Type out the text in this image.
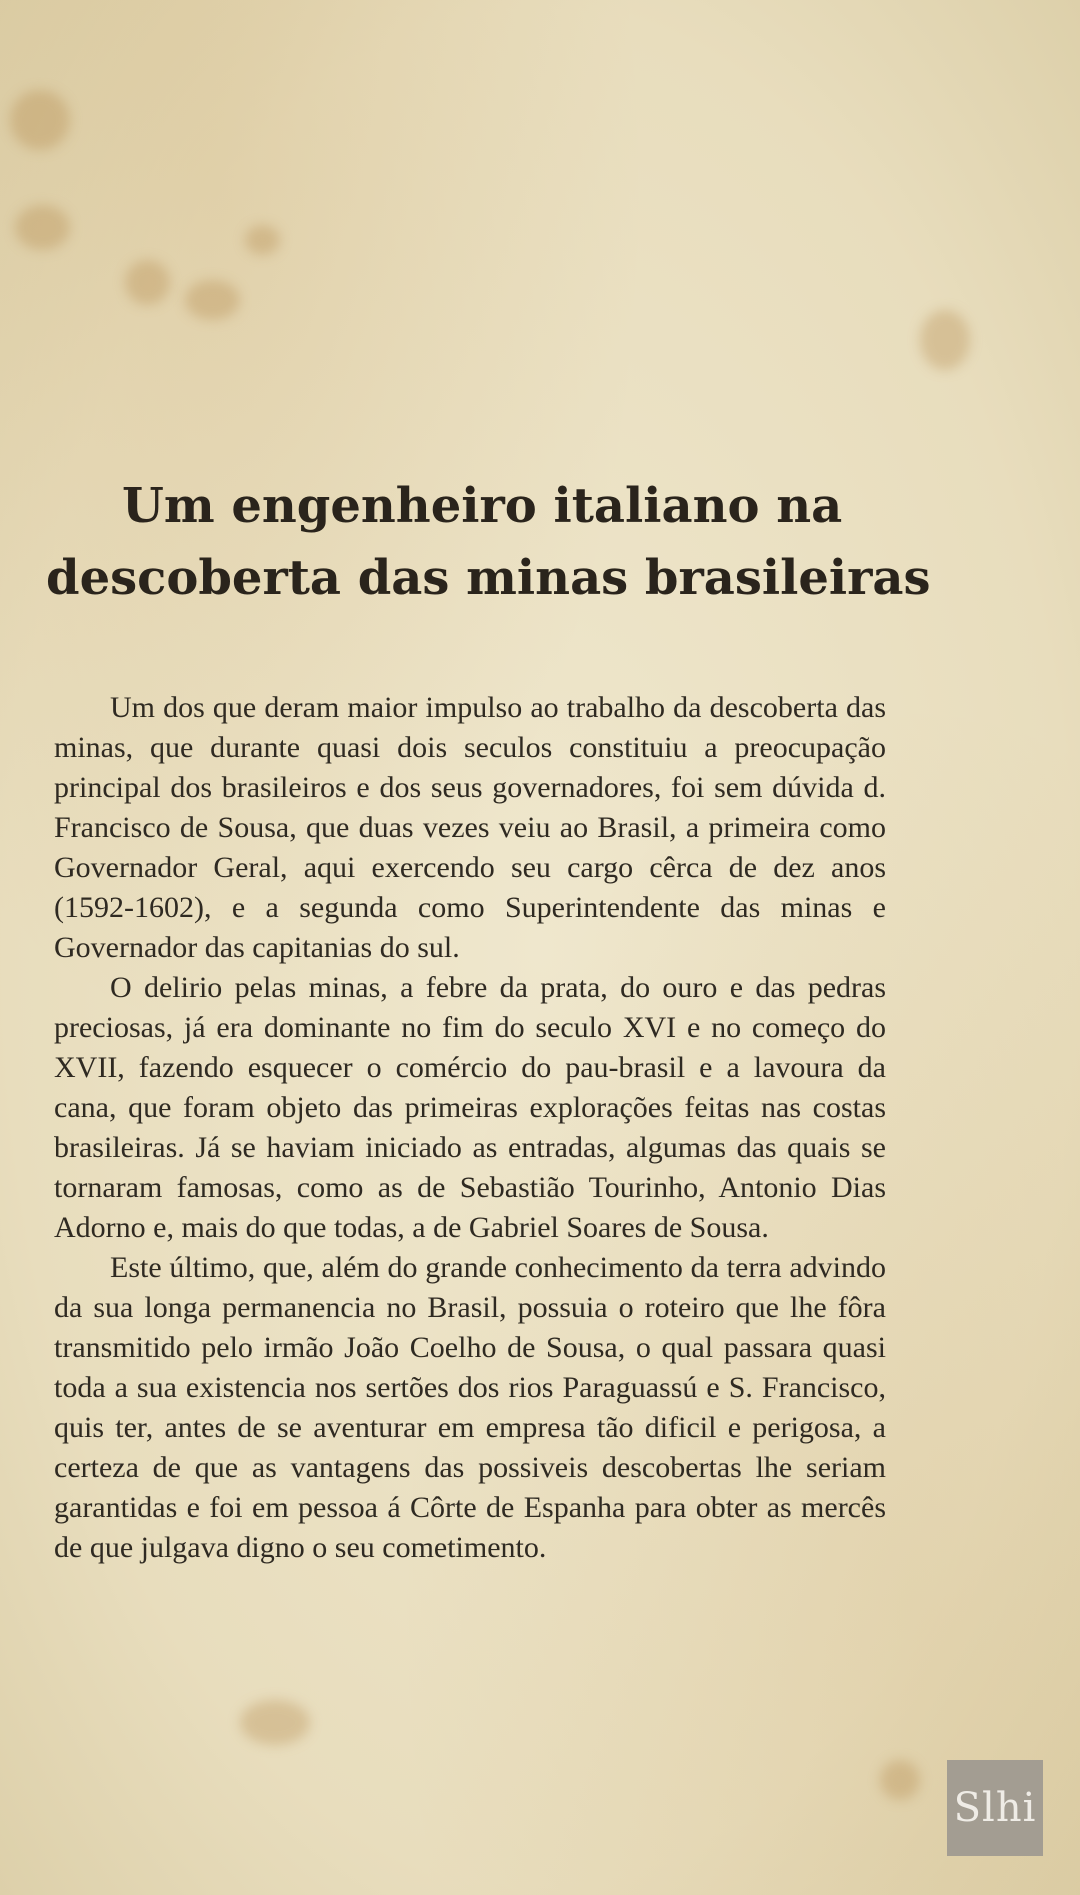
Um engenheiro italiano na
descoberta das minas brasileiras

Um dos que deram maior impulso ao trabalho da descoberta das minas, que durante quasi dois seculos constituiu a preocupação principal dos brasileiros e dos seus governadores, foi sem dúvida d. Francisco de Sousa, que duas vezes veiu ao Brasil, a primeira como Governador Geral, aqui exercendo seu cargo cêrca de dez anos (1592-1602), e a segunda como Superintendente das minas e Governador das capitanias do sul.

O delirio pelas minas, a febre da prata, do ouro e das pedras preciosas, já era dominante no fim do seculo XVI e no começo do XVII, fazendo esquecer o comércio do pau-brasil e a lavoura da cana, que foram objeto das primeiras explorações feitas nas costas brasileiras. Já se haviam iniciado as entradas, algumas das quais se tornaram famosas, como as de Sebastião Tourinho, Antonio Dias Adorno e, mais do que todas, a de Gabriel Soares de Sousa.

Este último, que, além do grande conhecimento da terra advindo da sua longa permanencia no Brasil, possuia o roteiro que lhe fôra transmitido pelo irmão João Coelho de Sousa, o qual passara quasi toda a sua existencia nos sertões dos rios Paraguassú e S. Francisco, quis ter, antes de se aventurar em empresa tão dificil e perigosa, a certeza de que as vantagens das possiveis descobertas lhe seriam garantidas e foi em pessoa á Côrte de Espanha para obter as mercês de que julgava digno o seu cometimento.

Slhi
